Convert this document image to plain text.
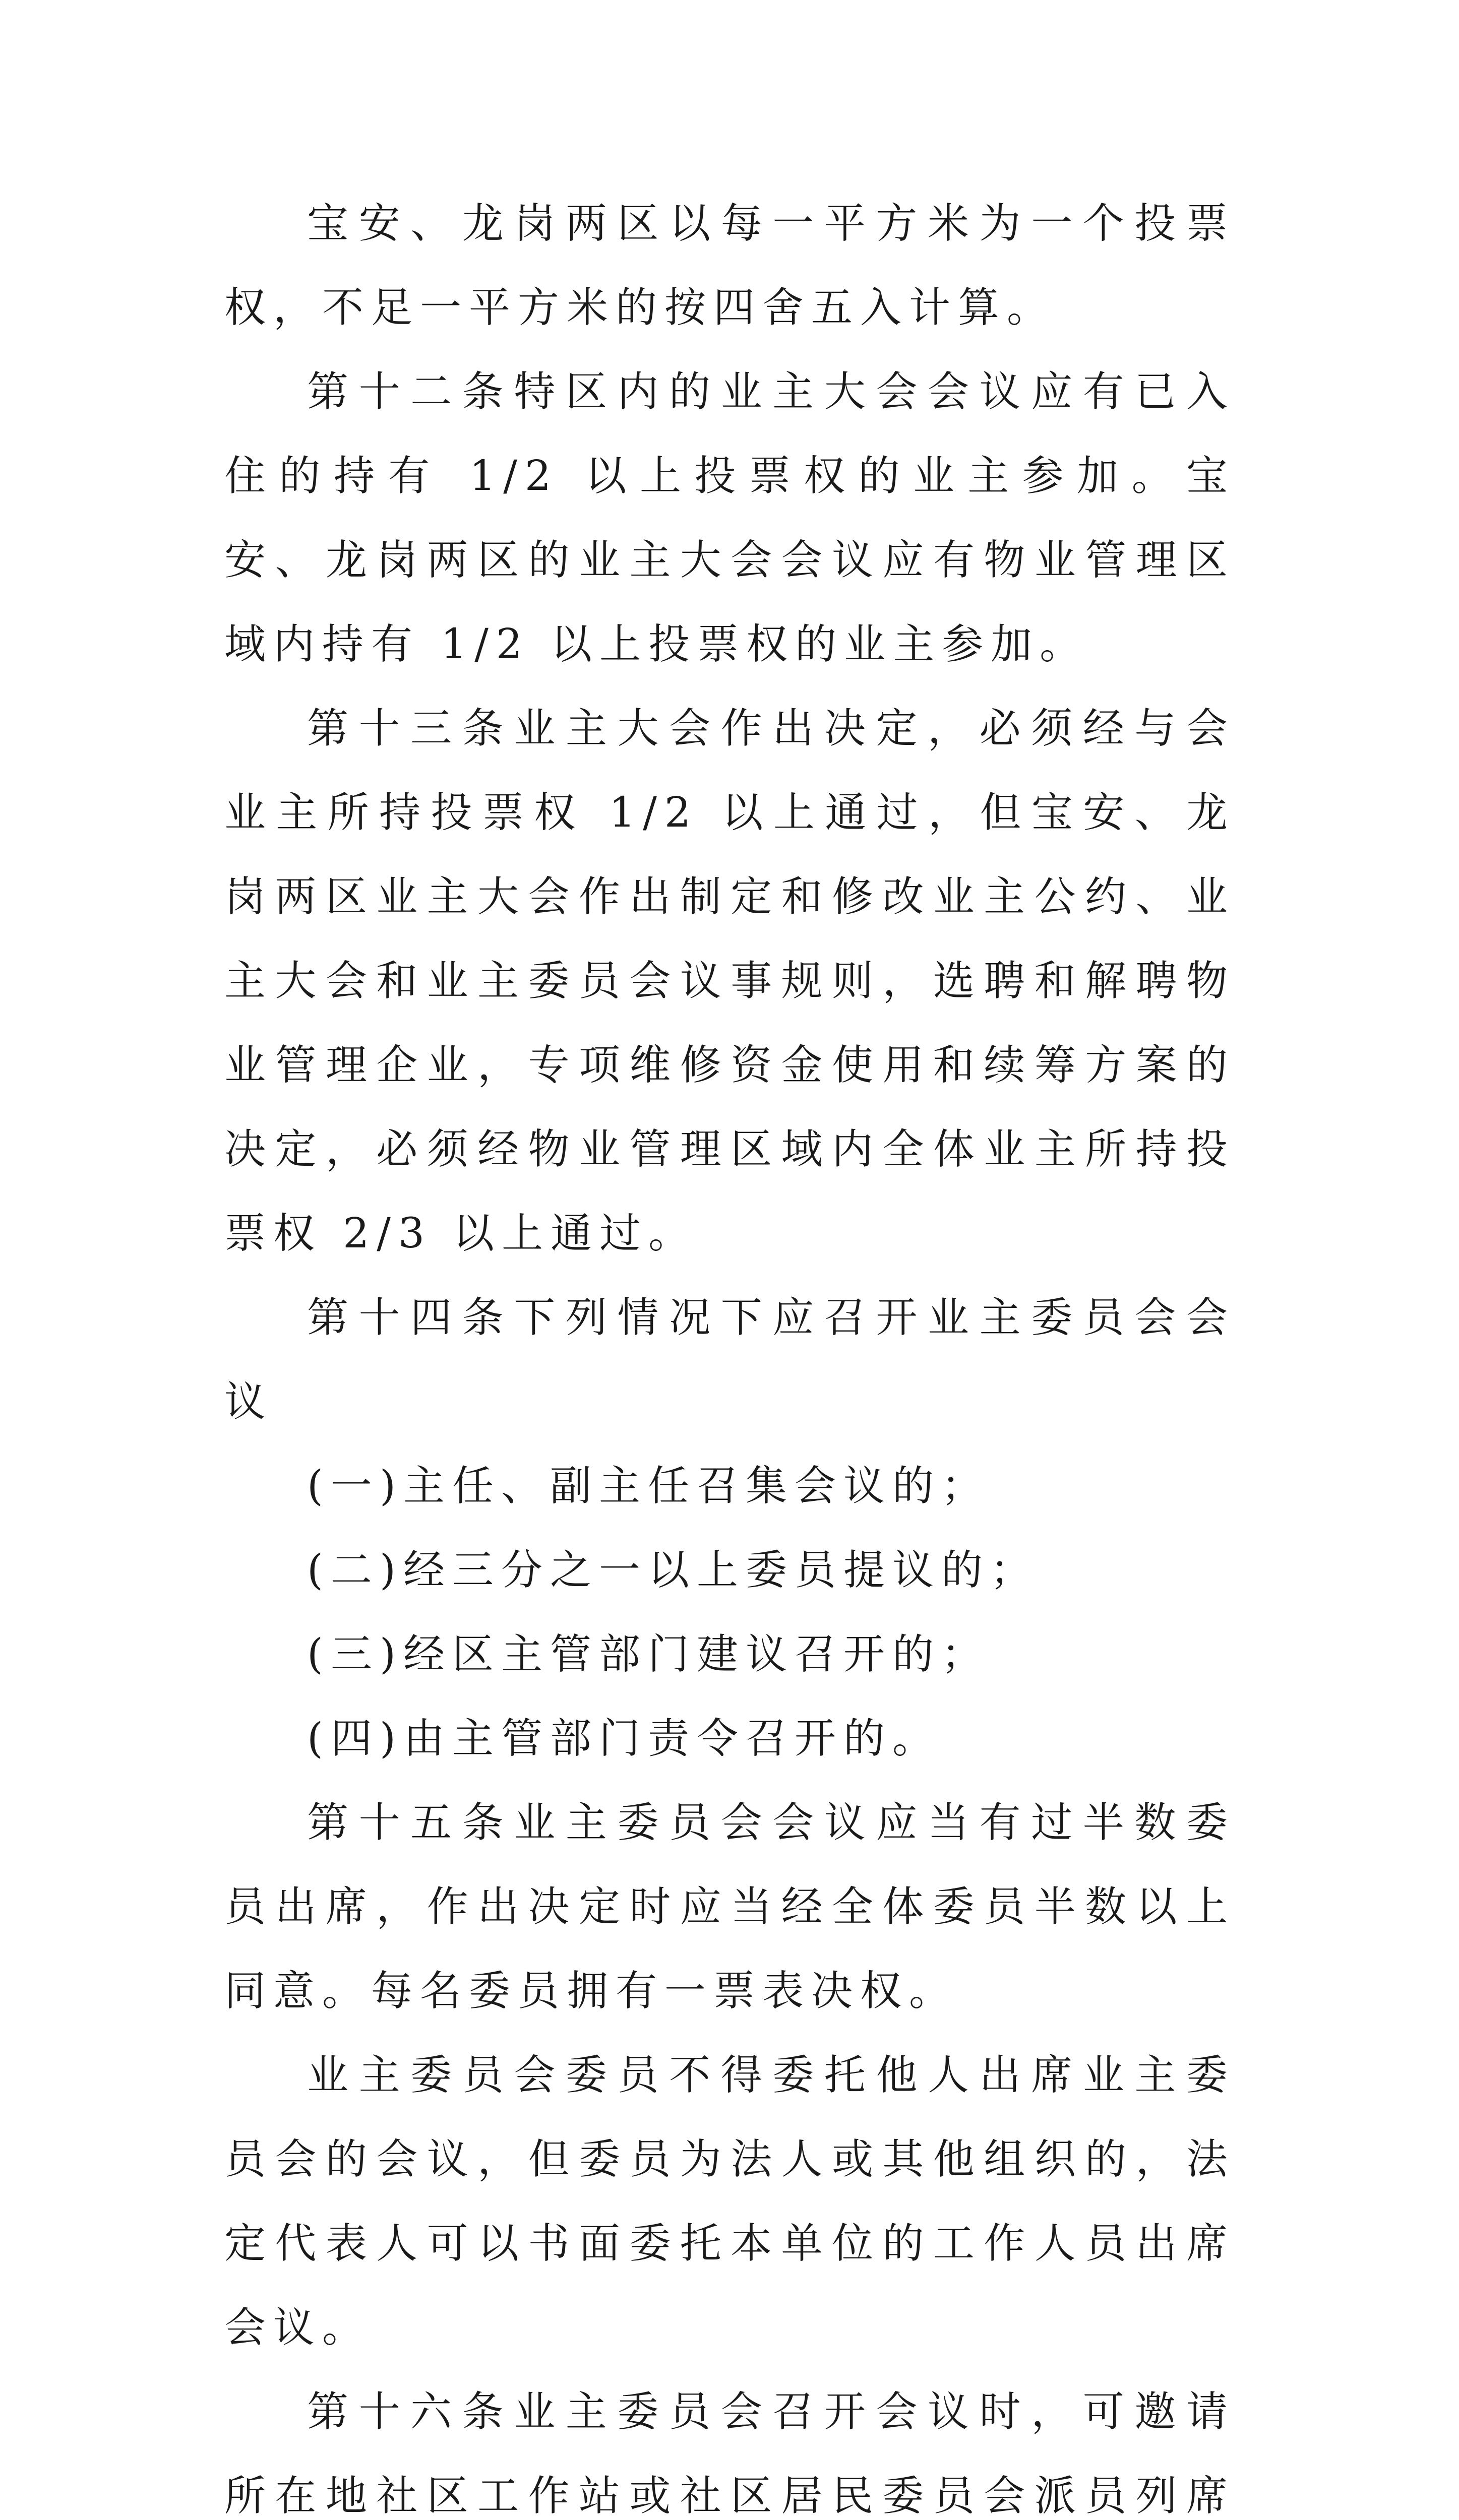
宝安、龙岗两区以每一平方米为一个投票权，不足一平方米的按四舍五入计算。

第十二条特区内的业主大会会议应有已入住的持有 1/2 以上投票权的业主参加。宝安、龙岗两区的业主大会会议应有物业管理区域内持有 1/2 以上投票权的业主参加。

第十三条业主大会作出决定，必须经与会业主所持投票权 1/2 以上通过，但宝安、龙岗两区业主大会作出制定和修改业主公约、业主大会和业主委员会议事规则，选聘和解聘物业管理企业，专项维修资金使用和续筹方案的决定，必须经物业管理区域内全体业主所持投票权 2/3 以上通过。

第十四条下列情况下应召开业主委员会会议

(一)主任、副主任召集会议的；

(二)经三分之一以上委员提议的；

(三)经区主管部门建议召开的；

(四)由主管部门责令召开的。

第十五条业主委员会会议应当有过半数委员出席，作出决定时应当经全体委员半数以上同意。每名委员拥有一票表决权。

业主委员会委员不得委托他人出席业主委员会的会议，但委员为法人或其他组织的，法定代表人可以书面委托本单位的工作人员出席会议。

第十六条业主委员会召开会议时，可邀请所在地社区工作站或社区居民委员会派员列席
